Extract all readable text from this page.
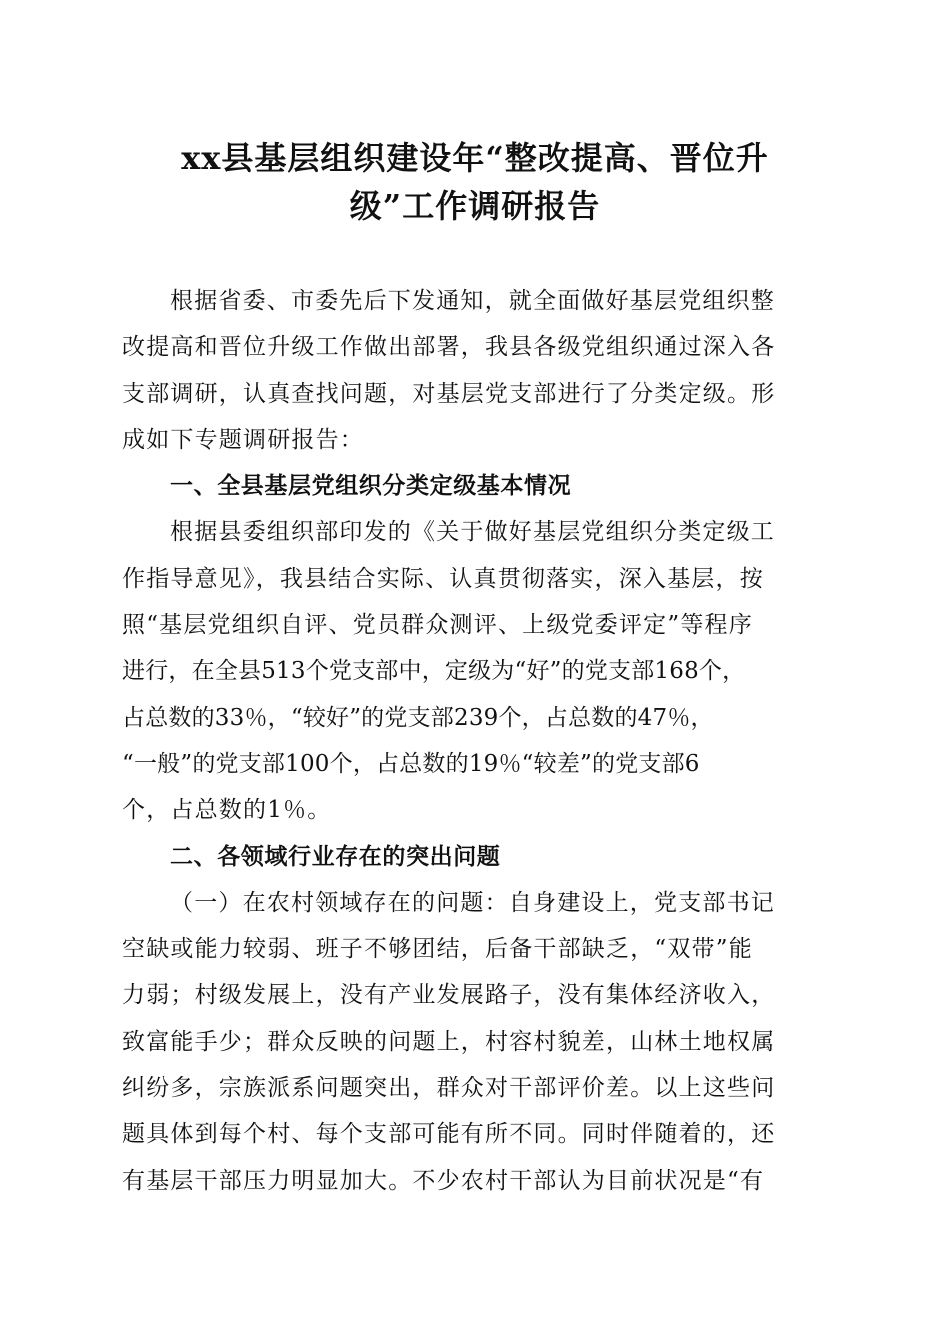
xx县基层组织建设年“整改提高、晋位升
级”工作调研报告
根据省委、市委先后下发通知，就全面做好基层党组织整
改提高和晋位升级工作做出部署，我县各级党组织通过深入各
支部调研，认真查找问题，对基层党支部进行了分类定级。形
成如下专题调研报告：
一、全县基层党组织分类定级基本情况
根据县委组织部印发的《关于做好基层党组织分类定级工
作指导意见》，我县结合实际、认真贯彻落实，深入基层，按
照“基层党组织自评、党员群众测评、上级党委评定”等程序
进行，在全县513个党支部中，定级为“好”的党支部168个，
占总数的33％，“较好”的党支部239个，占总数的47％，
“一般”的党支部100个，占总数的19％“较差”的党支部6
个，占总数的1％。
二、各领域行业存在的突出问题
（一）在农村领域存在的问题：自身建设上，党支部书记
空缺或能力较弱、班子不够团结，后备干部缺乏，“双带”能
力弱；村级发展上，没有产业发展路子，没有集体经济收入，
致富能手少；群众反映的问题上，村容村貌差，山林土地权属
纠纷多，宗族派系问题突出，群众对干部评价差。以上这些问
题具体到每个村、每个支部可能有所不同。同时伴随着的，还
有基层干部压力明显加大。不少农村干部认为目前状况是“有
